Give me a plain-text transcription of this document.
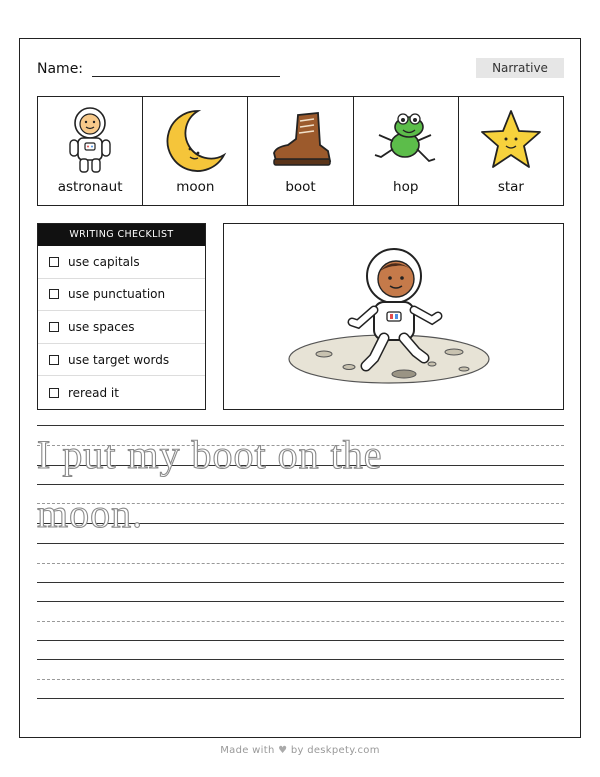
Name:	Narrative
astronaut	moon	boot	hop	star
WRITING CHECKLIST
use capitals
use punctuation
use spaces
use target words
reread it
I put my boot on the
moon.
Made with ♥ by deskpety.com
